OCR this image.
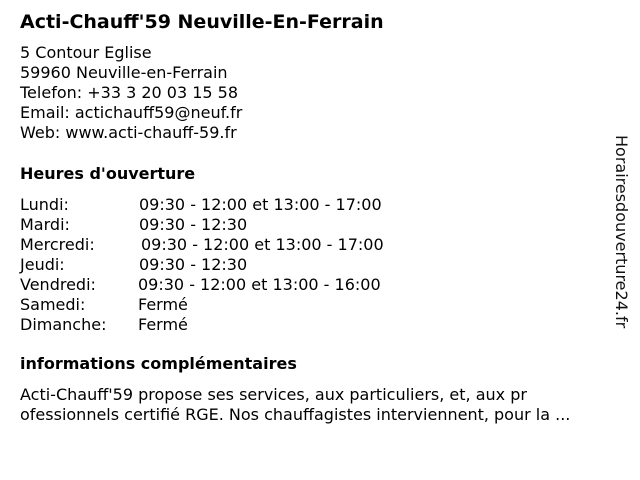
Acti-Chauff'59 Neuville-En-Ferrain
5 Contour Eglise
59960 Neuville-en-Ferrain
Telefon: +33 3 20 03 15 58
Email: actichauff59@neuf.fr
Web: www.acti-chauff-59.fr
Heures d'ouverture
Lundi:	09:30 - 12:00 et 13:00 - 17:00
Mardi:	09:30 - 12:30
Mercredi:	09:30 - 12:00 et 13:00 - 17:00
Jeudi:	09:30 - 12:30
Vendredi:	09:30 - 12:00 et 13:00 - 16:00
Samedi:	Fermé
Dimanche: Fermé
informations complémentaires
Acti-Chauff'59 propose ses services, aux particuliers, et, aux pr
ofessionnels certifié RGE. Nos chauffagistes interviennent, pour la ...
Horairesdouverture24.fr
